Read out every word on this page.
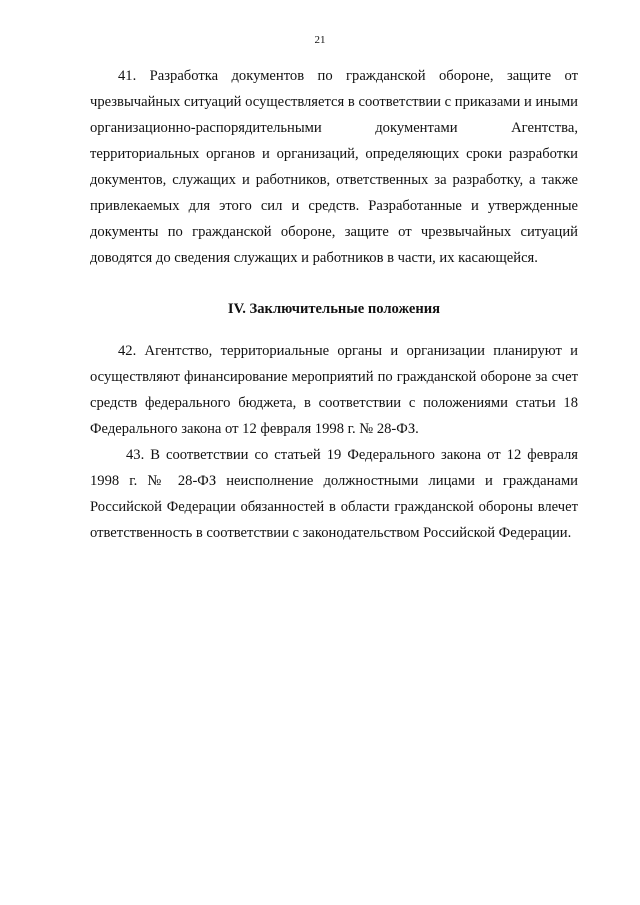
21

41. Разработка документов по гражданской обороне, защите от чрезвычайных ситуаций осуществляется в соответствии с приказами и иными организационно-распорядительными документами Агентства, территориальных органов и организаций, определяющих сроки разработки документов, служащих и работников, ответственных за разработку, а также привлекаемых для этого сил и средств. Разработанные и утвержденные документы по гражданской обороне, защите от чрезвычайных ситуаций доводятся до сведения служащих и работников в части, их касающейся.

IV. Заключительные положения

42. Агентство, территориальные органы и организации планируют и осуществляют финансирование мероприятий по гражданской обороне за счет средств федерального бюджета, в соответствии с положениями статьи 18 Федерального закона от 12 февраля 1998 г. № 28-ФЗ.

43. В соответствии со статьей 19 Федерального закона от 12 февраля 1998 г. № 28-ФЗ неисполнение должностными лицами и гражданами Российской Федерации обязанностей в области гражданской обороны влечет ответственность в соответствии с законодательством Российской Федерации.
